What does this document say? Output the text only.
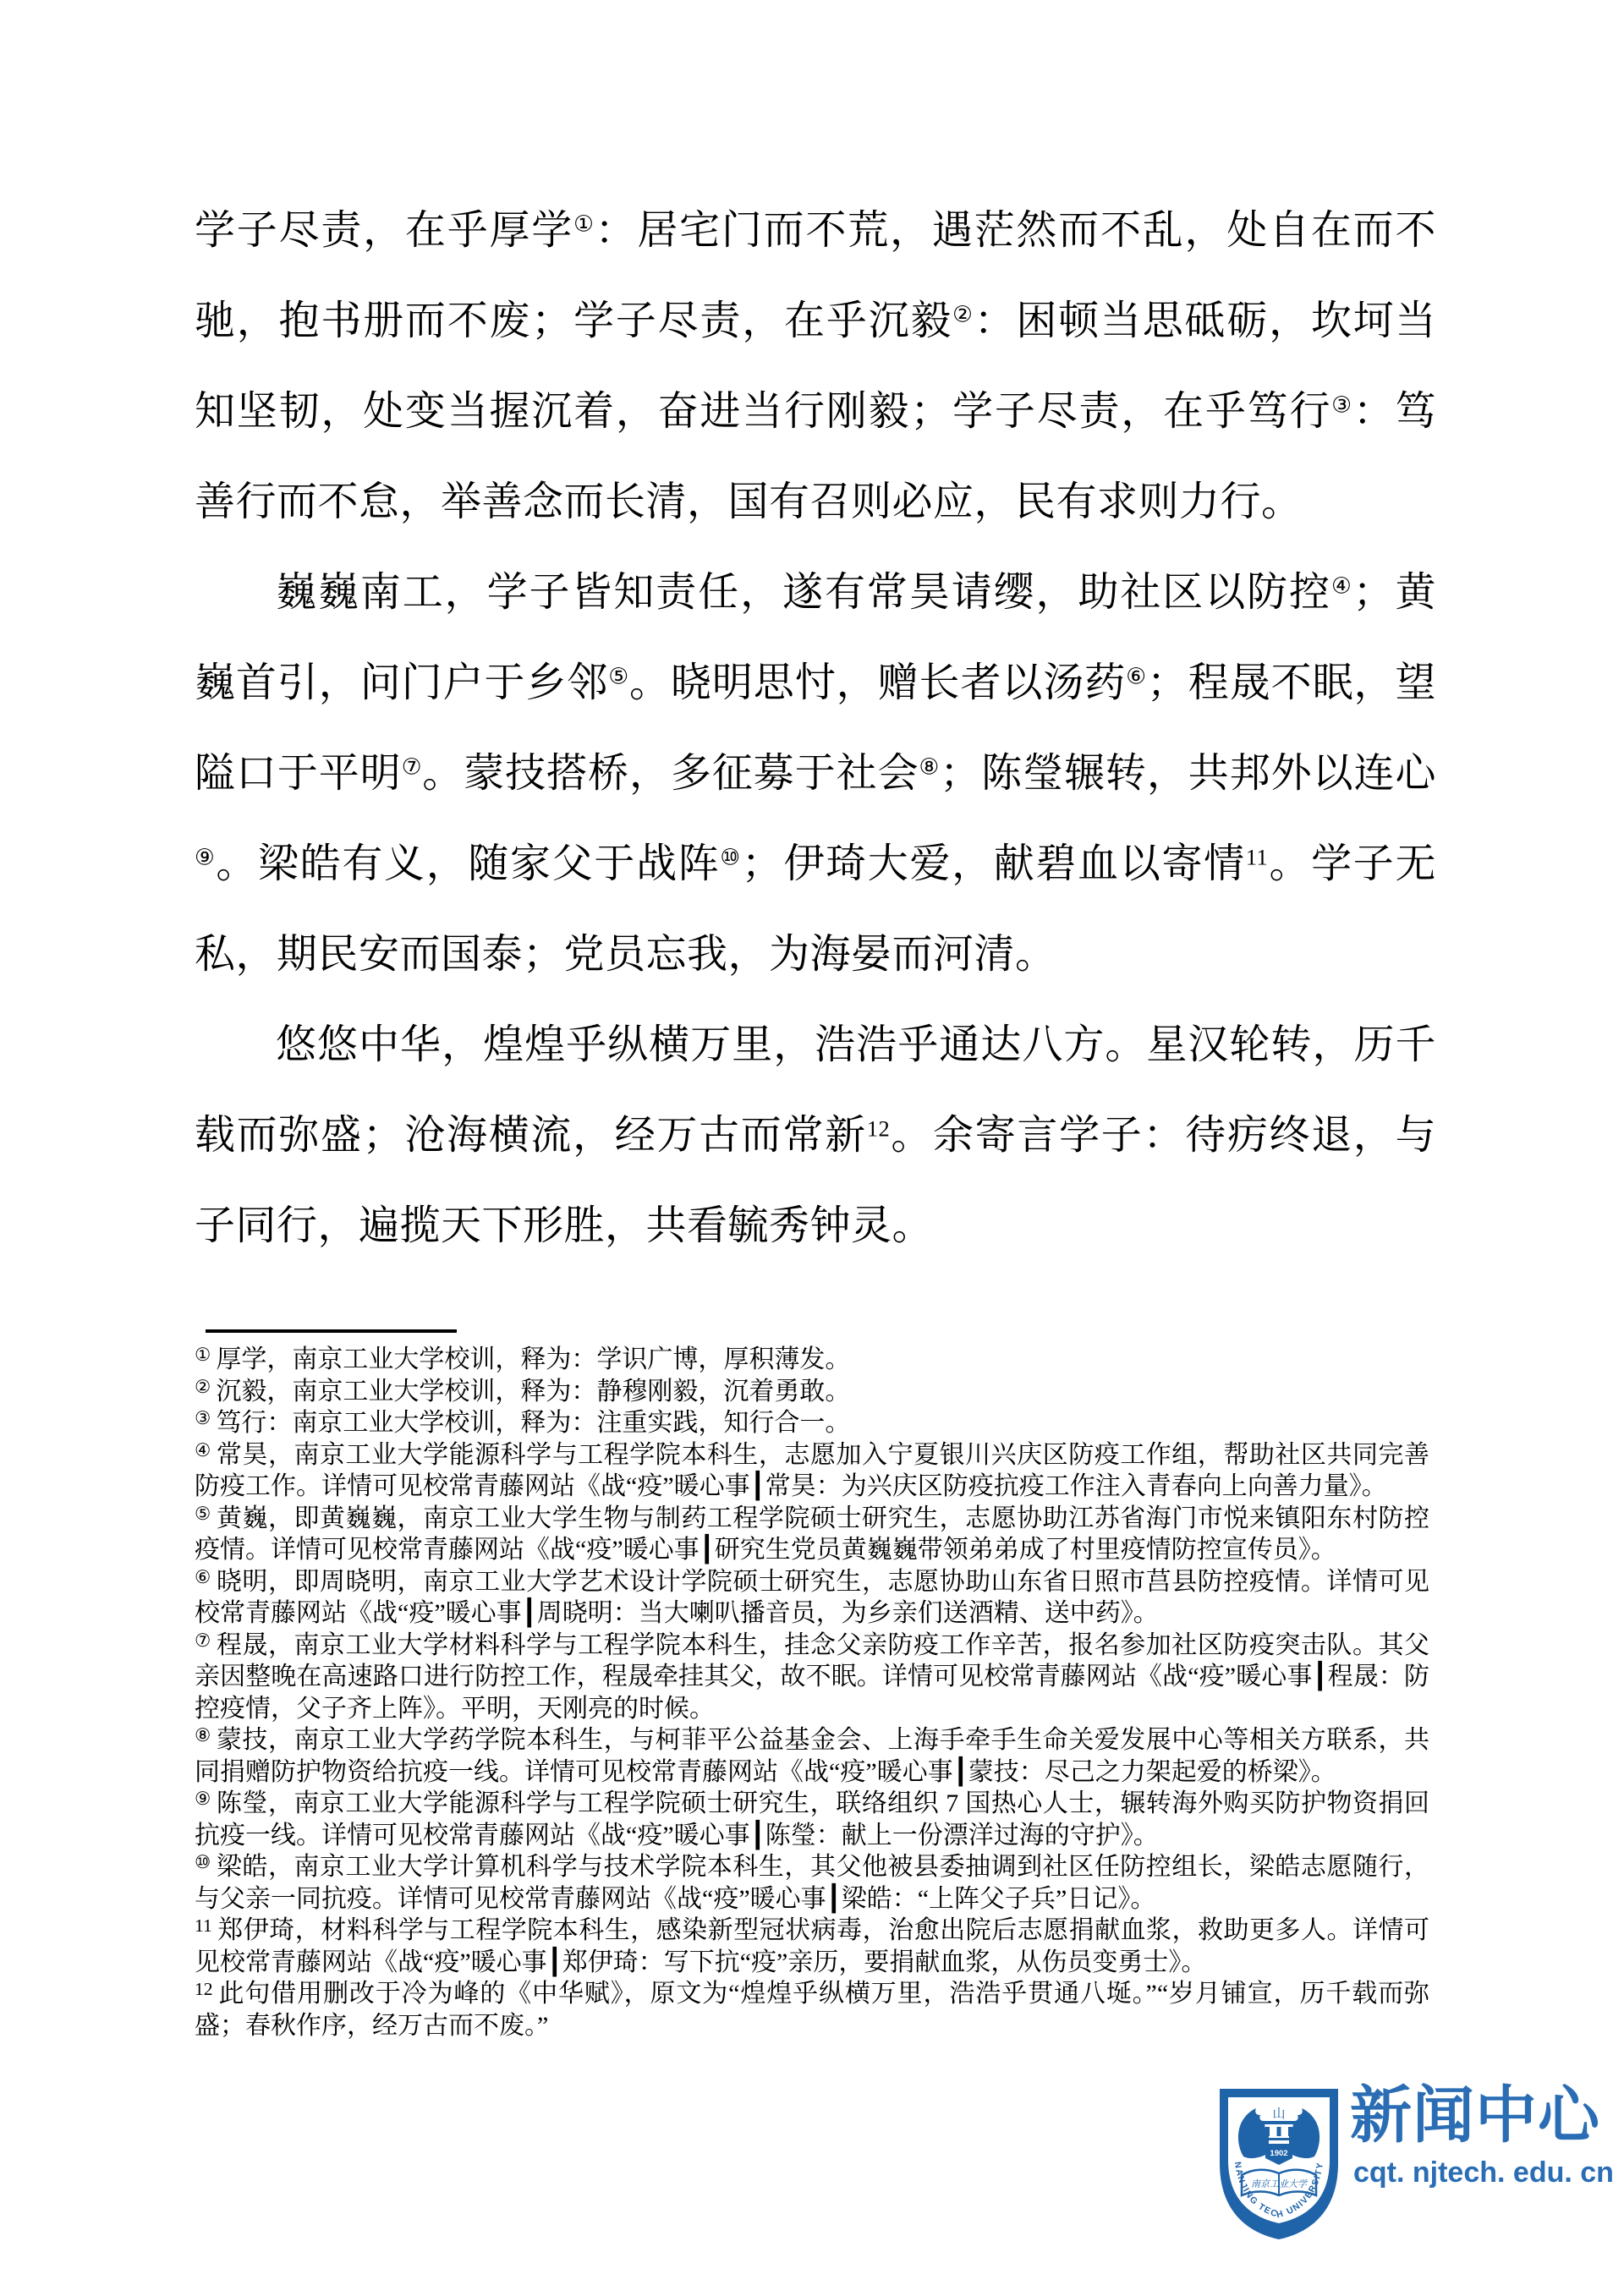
学子尽责，在乎厚学①：居宅门而不荒，遇茫然而不乱，处自在而不驰，抱书册而不废；学子尽责，在乎沉毅②：困顿当思砥砺，坎坷当知坚韧，处变当握沉着，奋进当行刚毅；学子尽责，在乎笃行③：笃善行而不怠，举善念而长清，国有召则必应，民有求则力行。

巍巍南工，学子皆知责任，遂有常昊请缨，助社区以防控④；黄巍首引，问门户于乡邻⑤。晓明思忖，赠长者以汤药⑥；程晟不眠，望隘口于平明⑦。蒙技搭桥，多征募于社会⑧；陈瑩辗转，共邦外以连心⑨。梁皓有义，随家父于战阵⑩；伊琦大爱，献碧血以寄情$^{11}$。学子无私，期民安而国泰；党员忘我，为海晏而河清。

悠悠中华，煌煌乎纵横万里，浩浩乎通达八方。星汉轮转，历千载而弥盛；沧海横流，经万古而常新$^{12}$。余寄言学子：待疠终退，与子同行，遍揽天下形胜，共看毓秀钟灵。

① 厚学，南京工业大学校训，释为：学识广博，厚积薄发。

② 沉毅，南京工业大学校训，释为：静穆刚毅，沉着勇敢。

③ 笃行：南京工业大学校训，释为：注重实践，知行合一。

④ 常昊，南京工业大学能源科学与工程学院本科生，志愿加入宁夏银川兴庆区防疫工作组，帮助社区共同完善防疫工作。详情可见校常青藤网站《战“疫”暖心事┃常昊：为兴庆区防疫抗疫工作注入青春向上向善力量》。

⑤ 黄巍，即黄巍巍，南京工业大学生物与制药工程学院硕士研究生，志愿协助江苏省海门市悦来镇阳东村防控疫情。详情可见校常青藤网站《战“疫”暖心事┃研究生党员黄巍巍带领弟弟成了村里疫情防控宣传员》。

⑥ 晓明，即周晓明，南京工业大学艺术设计学院硕士研究生，志愿协助山东省日照市莒县防控疫情。详情可见校常青藤网站《战“疫”暖心事┃周晓明：当大喇叭播音员，为乡亲们送酒精、送中药》。

⑦ 程晟，南京工业大学材料科学与工程学院本科生，挂念父亲防疫工作辛苦，报名参加社区防疫突击队。其父亲因整晚在高速路口进行防控工作，程晟牵挂其父，故不眠。详情可见校常青藤网站《战“疫”暖心事┃程晟：防控疫情，父子齐上阵》。平明，天刚亮的时候。

⑧ 蒙技，南京工业大学药学院本科生，与柯菲平公益基金会、上海手牵手生命关爱发展中心等相关方联系，共同捐赠防护物资给抗疫一线。详情可见校常青藤网站《战“疫”暖心事┃蒙技：尽己之力架起爱的桥梁》。

⑨ 陈瑩，南京工业大学能源科学与工程学院硕士研究生，联络组织 7 国热心人士，辗转海外购买防护物资捐回抗疫一线。详情可见校常青藤网站《战“疫”暖心事┃陈瑩：献上一份漂洋过海的守护》。

⑩ 梁皓，南京工业大学计算机科学与技术学院本科生，其父他被县委抽调到社区任防控组长，梁皓志愿随行，与父亲一同抗疫。详情可见校常青藤网站《战“疫”暖心事┃梁皓：“上阵父子兵”日记》。

$^{11}$ 郑伊琦，材料科学与工程学院本科生，感染新型冠状病毒，治愈出院后志愿捐献血浆，救助更多人。详情可见校常青藤网站《战“疫”暖心事┃郑伊琦：写下抗“疫”亲历，要捐献血浆，从伤员变勇士》。

$^{12}$ 此句借用删改于冷为峰的《中华赋》，原文为“煌煌乎纵横万里，浩浩乎贯通八埏。”“岁月铺宣，历千载而弥盛；春秋作序，经万古而不废。”

山
1902
南京工业大学
NANJING TECH UNIVERSITY
新闻中心
cqt. njtech. edu. cn
